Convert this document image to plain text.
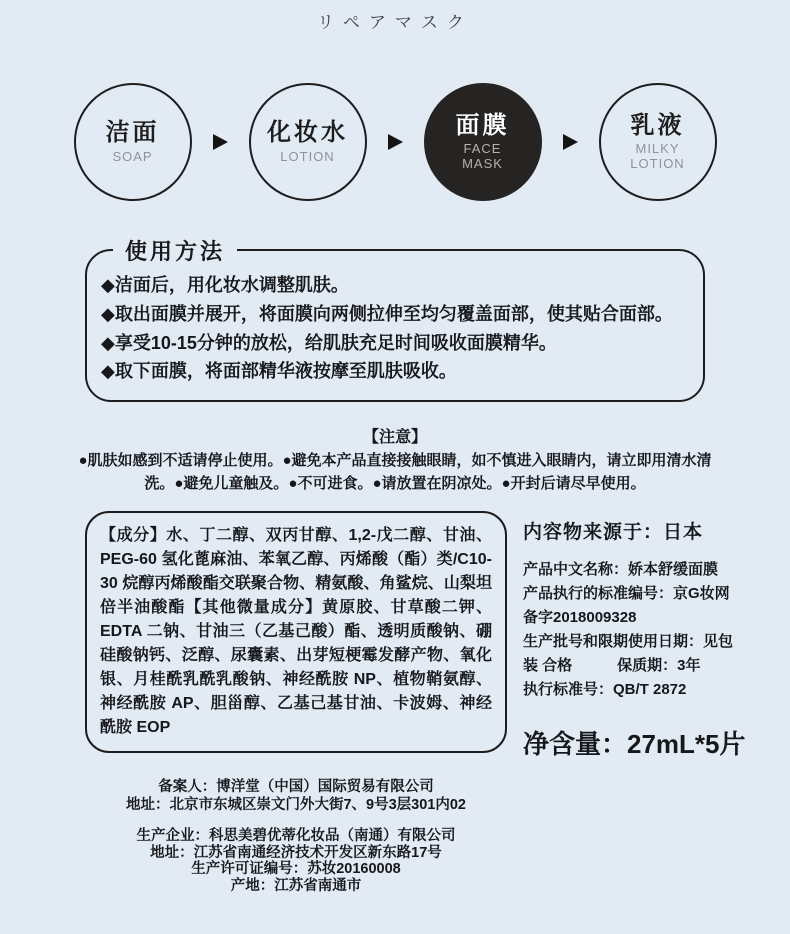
リペアマスク
洁面
SOAP
化妆水
LOTION
面膜
FACE
MASK
乳液
MILKY
LOTION
使用方法
◆洁面后，用化妆水调整肌肤。
◆取出面膜并展开，将面膜向两侧拉伸至均匀覆盖面部，使其贴合面部。
◆享受10-15分钟的放松，给肌肤充足时间吸收面膜精华。
◆取下面膜，将面部精华液按摩至肌肤吸收。
【注意】
●肌肤如感到不适请停止使用。●避免本产品直接接触眼睛，如不慎进入眼睛内，请立即用清水清洗。●避免儿童触及。●不可进食。●请放置在阴凉处。●开封后请尽早使用。
【成分】水、丁二醇、双丙甘醇、1,2-戊二醇、甘油、PEG-60 氢化蓖麻油、苯氧乙醇、丙烯酸（酯）类/C10-30 烷醇丙烯酸酯交联聚合物、精氨酸、角鲨烷、山梨坦倍半油酸酯【其他微量成分】黄原胶、甘草酸二钾、EDTA 二钠、甘油三（乙基己酸）酯、透明质酸钠、硼硅酸钠钙、泛醇、尿囊素、出芽短梗霉发酵产物、氧化银、月桂酰乳酰乳酸钠、神经酰胺 NP、植物鞘氨醇、神经酰胺 AP、胆甾醇、乙基己基甘油、卡波姆、神经酰胺 EOP
备案人：博洋堂（中国）国际贸易有限公司
地址：北京市东城区崇文门外大街7、9号3层301内02
生产企业：科思美碧优蒂化妆品（南通）有限公司
地址：江苏省南通经济技术开发区新东路17号
生产许可证编号：苏妆20160008
产地：江苏省南通市
内容物来源于：日本
产品中文名称：娇本舒缓面膜
产品执行的标准编号：京G妆网
备字2018009328
生产批号和限期使用日期：见包
装 合格　　　保质期：3年
执行标准号：QB/T 2872
净含量：27mL*5片
